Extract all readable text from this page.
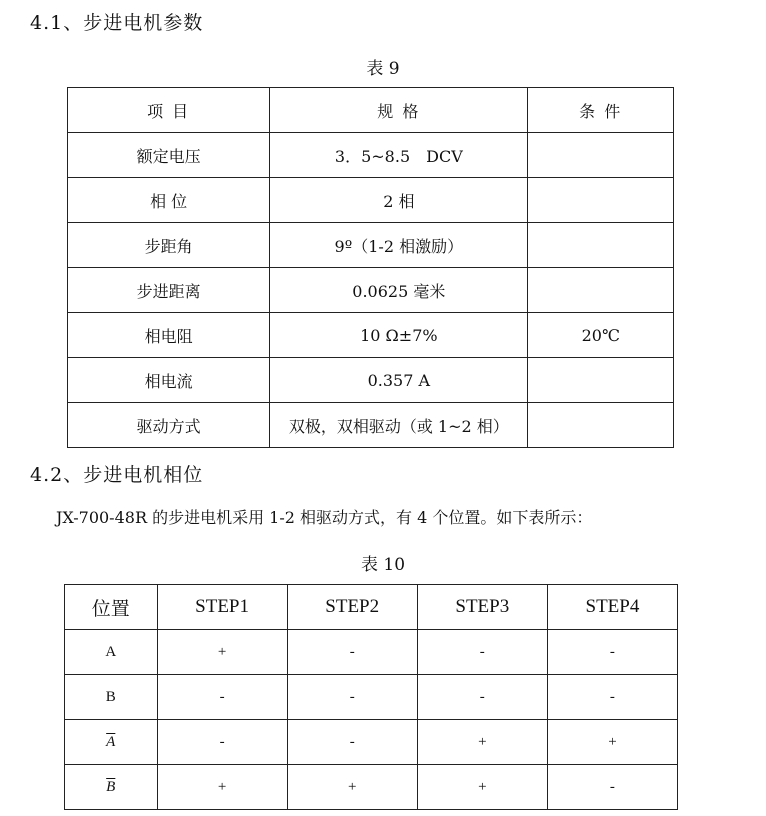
4.1、步进电机参数
表 9
项 目	规 格	条 件
额定电压	3．5~8.5　DCV	
相 位	2 相	
步距角	9º（1-2 相激励）	
步进距离	0.0625 毫米	
相电阻	10 Ω±7%	20℃
相电流	0.357 A	
驱动方式	双极，双相驱动（或 1~2 相）	
4.2、步进电机相位
JX-700-48R 的步进电机采用 1-2 相驱动方式，有 4 个位置。如下表所示：
表 10
位置	STEP1	STEP2	STEP3	STEP4
A	+	-	-	-
B	-	-	-	-
$\overline{A}$	-	-	+	+
$\overline{B}$	+	+	+	-
